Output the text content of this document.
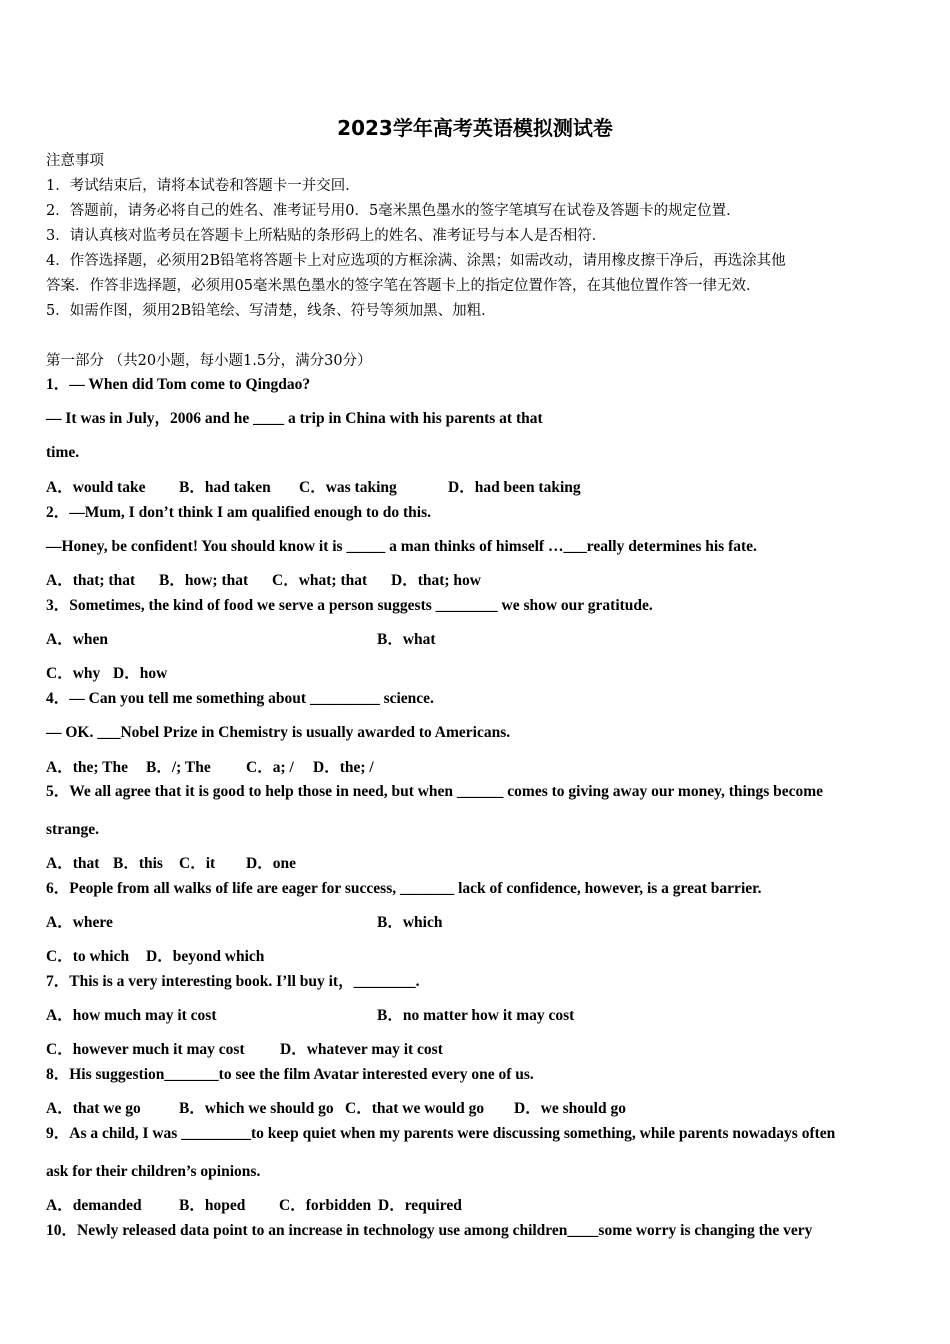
2023学年高考英语模拟测试卷
注意事项
1．考试结束后，请将本试卷和答题卡一并交回．
2．答题前，请务必将自己的姓名、准考证号用0．5毫米黑色墨水的签字笔填写在试卷及答题卡的规定位置．
3．请认真核对监考员在答题卡上所粘贴的条形码上的姓名、准考证号与本人是否相符．
4．作答选择题，必须用2B铅笔将答题卡上对应选项的方框涂满、涂黑；如需改动，请用橡皮擦干净后，再选涂其他
答案．作答非选择题，必须用05毫米黑色墨水的签字笔在答题卡上的指定位置作答，在其他位置作答一律无效．
5．如需作图，须用2B铅笔绘、写清楚，线条、符号等须加黑、加粗．
第一部分 （共20小题，每小题1.5分，满分30分）
1．— When did Tom come to Qingdao?
— It was in July，2006 and he ____ a trip in China with his parents at that
time.
A．would take B．had taken C．was taking	D．had been taking
2．—Mum, I don’t think I am qualified enough to do this.
—Honey, be confident! You should know it is _____ a man thinks of himself …___really determines his fate.
A．that; that B．how; that C．what; that D．that; how
3．Sometimes, the kind of food we serve a person suggests ________ we show our gratitude.
A．when	B．what
C．why D．how
4．— Can you tell me something about _________ science.
— OK. ___Nobel Prize in Chemistry is usually awarded to Americans.
A．the; The B．/; The C．a; / D．the; /
5．We all agree that it is good to help those in need, but when ______ comes to giving away our money, things become
strange.
A．that B．this C．it D．one
6．People from all walks of life are eager for success, _______ lack of confidence, however, is a great barrier.
A．where	B．which
C．to which D．beyond which
7．This is a very interesting book. I’ll buy it，________.
A．how much may it cost	B．no matter how it may cost
C．however much it may cost D．whatever may it cost
8．His suggestion_______to see the film Avatar interested every one of us.
A．that we go B．which we should go C．that we would go D．we should go
9．As a child, I was _________to keep quiet when my parents were discussing something, while parents nowadays often
ask for their children’s opinions.
A．demanded B．hoped C．forbidden D．required
10．Newly released data point to an increase in technology use among children____some worry is changing the very
